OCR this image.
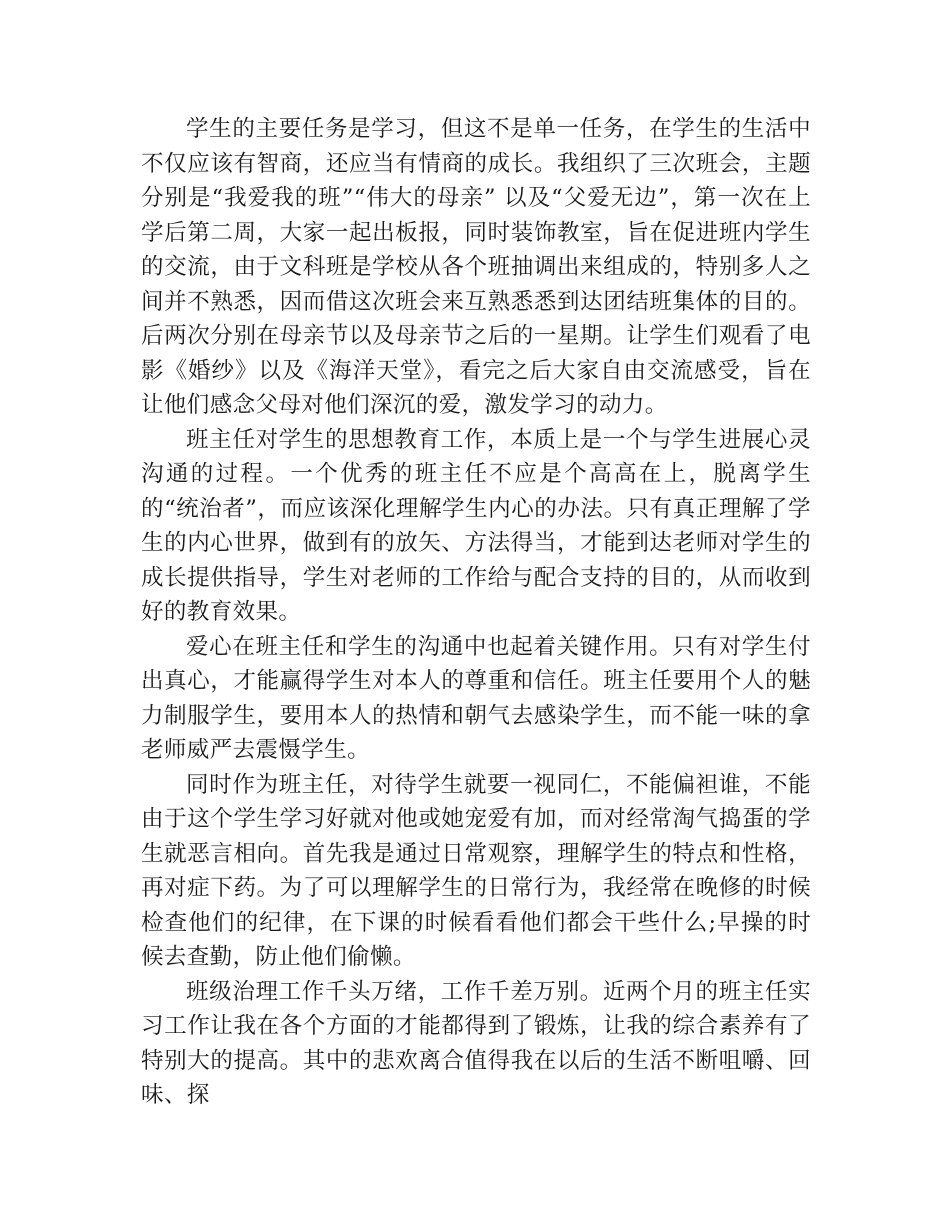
学生的主要任务是学习，但这不是单一任务，在学生的生活中不仅应该有智商，还应当有情商的成长。我组织了三次班会，主题分别是“我爱我的班”“伟大的母亲” 以及“父爱无边”，第一次在上学后第二周，大家一起出板报，同时装饰教室，旨在促进班内学生的交流，由于文科班是学校从各个班抽调出来组成的，特别多人之间并不熟悉，因而借这次班会来互熟悉悉到达团结班集体的目的。后两次分别在母亲节以及母亲节之后的一星期。让学生们观看了电影《婚纱》以及《海洋天堂》，看完之后大家自由交流感受，旨在让他们感念父母对他们深沉的爱，激发学习的动力。

班主任对学生的思想教育工作，本质上是一个与学生进展心灵沟通的过程。一个优秀的班主任不应是个高高在上，脱离学生的“统治者”，而应该深化理解学生内心的办法。只有真正理解了学生的内心世界，做到有的放矢、方法得当，才能到达老师对学生的成长提供指导，学生对老师的工作给与配合支持的目的，从而收到好的教育效果。

爱心在班主任和学生的沟通中也起着关键作用。只有对学生付出真心，才能赢得学生对本人的尊重和信任。班主任要用个人的魅力制服学生，要用本人的热情和朝气去感染学生，而不能一味的拿老师威严去震慑学生。

同时作为班主任，对待学生就要一视同仁，不能偏袒谁，不能由于这个学生学习好就对他或她宠爱有加，而对经常淘气捣蛋的学生就恶言相向。首先我是通过日常观察，理解学生的特点和性格，再对症下药。为了可以理解学生的日常行为，我经常在晚修的时候检查他们的纪律，在下课的时候看看他们都会干些什么;早操的时候去查勤，防止他们偷懒。

班级治理工作千头万绪，工作千差万别。近两个月的班主任实习工作让我在各个方面的才能都得到了锻炼，让我的综合素养有了特别大的提高。其中的悲欢离合值得我在以后的生活不断咀嚼、回味、探
